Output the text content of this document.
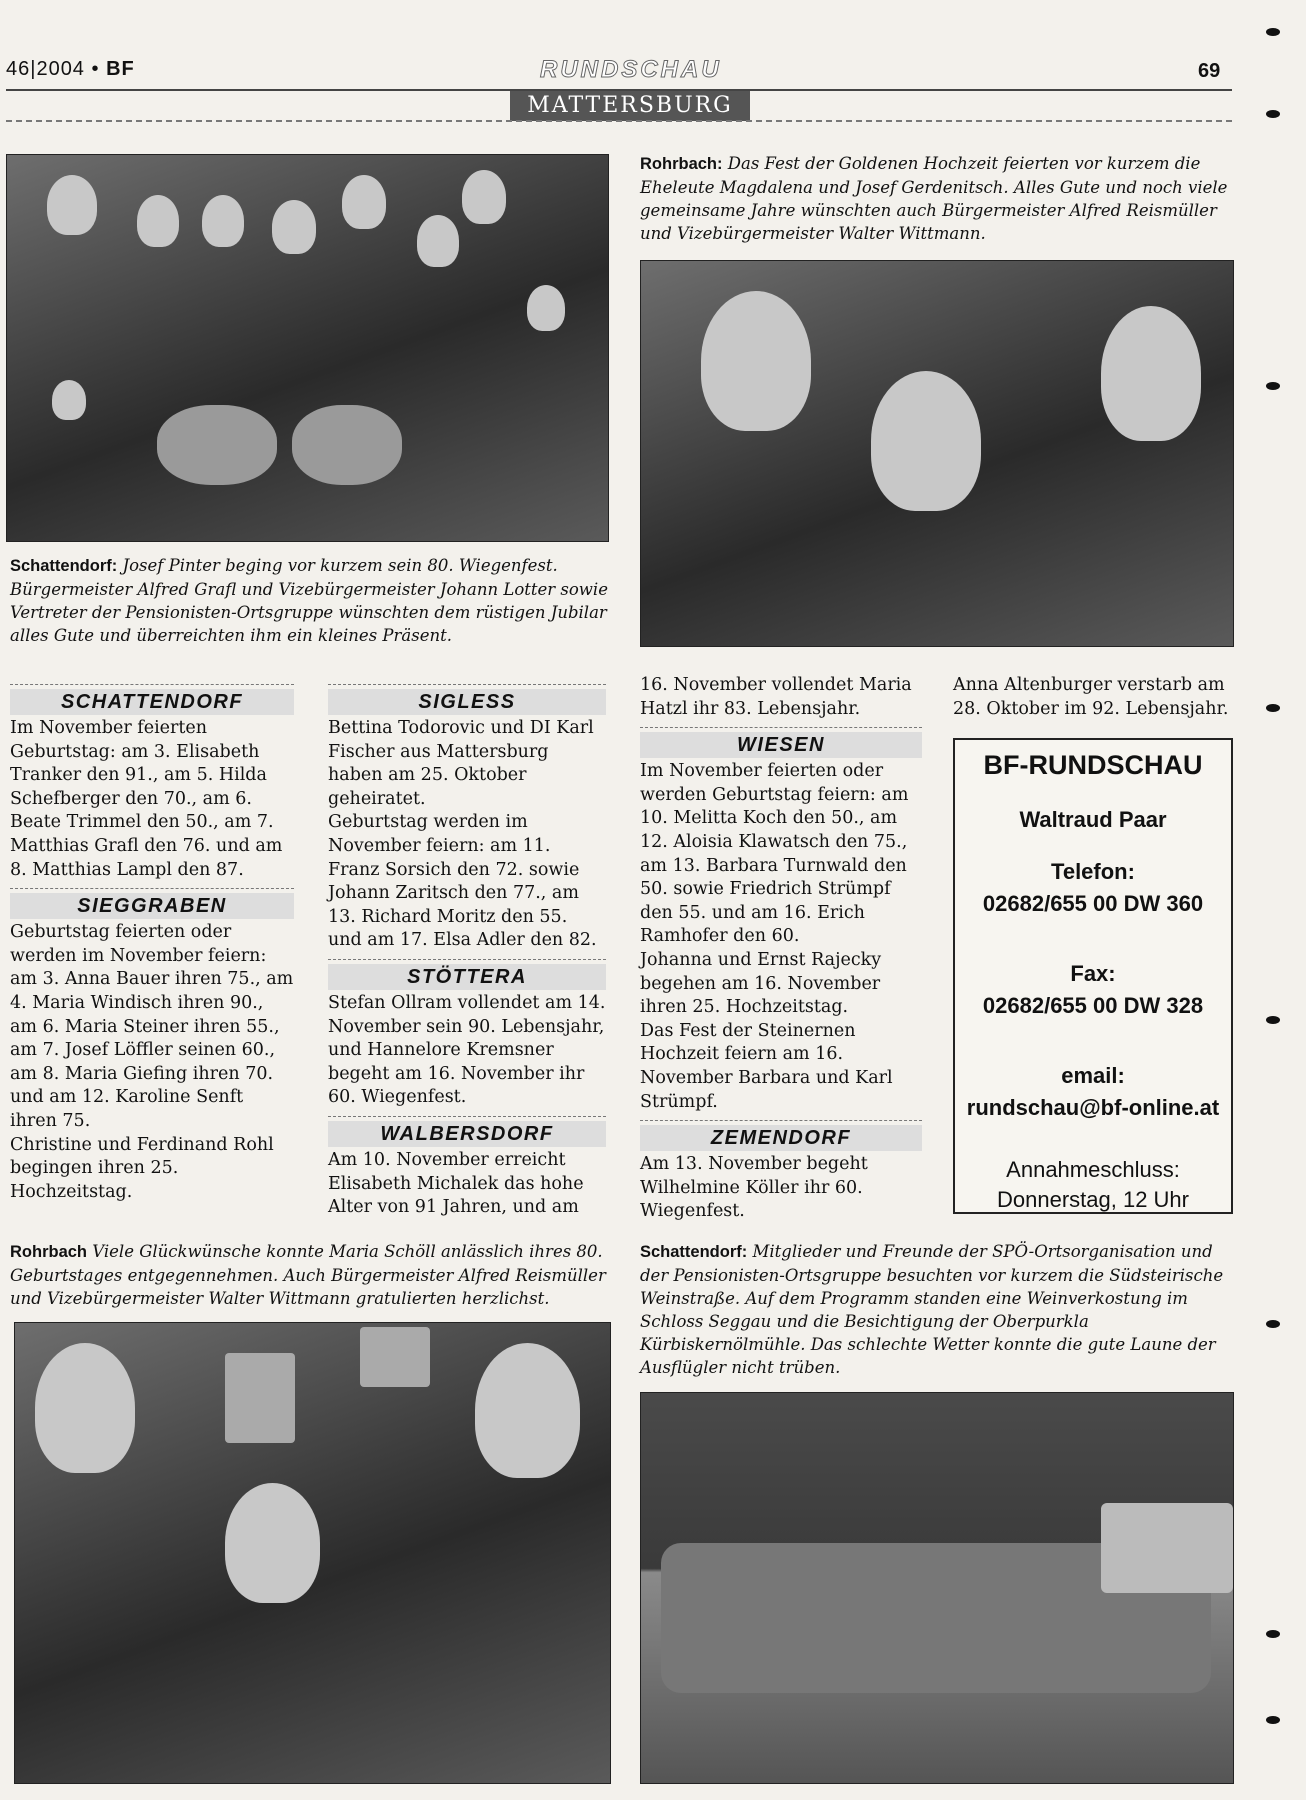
46|2004 • BF	RUNDSCHAU	69
MATTERSBURG
Schattendorf: Josef Pinter beging vor kurzem sein 80. Wiegenfest. Bürgermeister Alfred Grafl und Vizebürgermeister Johann Lotter sowie Vertreter der Pensionisten-Ortsgruppe wünschten dem rüstigen Jubilar alles Gute und überreichten ihm ein kleines Präsent.
Rohrbach: Das Fest der Goldenen Hochzeit feierten vor kurzem die Eheleute Magdalena und Josef Gerdenitsch. Alles Gute und noch viele gemeinsame Jahre wünschten auch Bürgermeister Alfred Reismüller und Vizebürgermeister Walter Wittmann.
SCHATTENDORF
Im November feierten Geburtstag: am 3. Elisabeth Tranker den 91., am 5. Hilda Schefberger den 70., am 6. Beate Trimmel den 50., am 7. Matthias Grafl den 76. und am 8. Matthias Lampl den 87.
SIEGGRABEN
Geburtstag feierten oder werden im November feiern: am 3. Anna Bauer ihren 75., am 4. Maria Windisch ihren 90., am 6. Maria Steiner ihren 55., am 7. Josef Löffler seinen 60., am 8. Maria Giefing ihren 70. und am 12. Karoline Senft ihren 75.
Christine und Ferdinand Rohl begingen ihren 25. Hochzeitstag.
SIGLESS
Bettina Todorovic und DI Karl Fischer aus Mattersburg haben am 25. Oktober geheiratet.
Geburtstag werden im November feiern: am 11. Franz Sorsich den 72. sowie Johann Zaritsch den 77., am 13. Richard Moritz den 55. und am 17. Elsa Adler den 82.
STÖTTERA
Stefan Ollram vollendet am 14. November sein 90. Lebensjahr, und Hannelore Kremsner begeht am 16. November ihr 60. Wiegenfest.
WALBERSDORF
Am 10. November erreicht Elisabeth Michalek das hohe Alter von 91 Jahren, und am
16. November vollendet Maria Hatzl ihr 83. Lebensjahr.
WIESEN
Im November feierten oder werden Geburtstag feiern: am 10. Melitta Koch den 50., am 12. Aloisia Klawatsch den 75., am 13. Barbara Turnwald den 50. sowie Friedrich Strümpf den 55. und am 16. Erich Ramhofer den 60.
Johanna und Ernst Rajecky begehen am 16. November ihren 25. Hochzeitstag.
Das Fest der Steinernen Hochzeit feiern am 16. November Barbara und Karl Strümpf.
ZEMENDORF
Am 13. November begeht Wilhelmine Köller ihr 60. Wiegenfest.
Anna Altenburger verstarb am 28. Oktober im 92. Lebensjahr.
BF-RUNDSCHAU
Waltraud Paar
Telefon:
02682/655 00 DW 360
Fax:
02682/655 00 DW 328
email:
rundschau@bf-online.at
Annahmeschluss:
Donnerstag, 12 Uhr
Rohrbach Viele Glückwünsche konnte Maria Schöll anlässlich ihres 80. Geburtstages entgegennehmen. Auch Bürgermeister Alfred Reismüller und Vizebürgermeister Walter Wittmann gratulierten herzlichst.
Schattendorf: Mitglieder und Freunde der SPÖ-Ortsorganisation und der Pensionisten-Ortsgruppe besuchten vor kurzem die Südsteirische Weinstraße. Auf dem Programm standen eine Weinverkostung im Schloss Seggau und die Besichtigung der Oberpurkla Kürbiskernölmühle. Das schlechte Wetter konnte die gute Laune der Ausflügler nicht trüben.
